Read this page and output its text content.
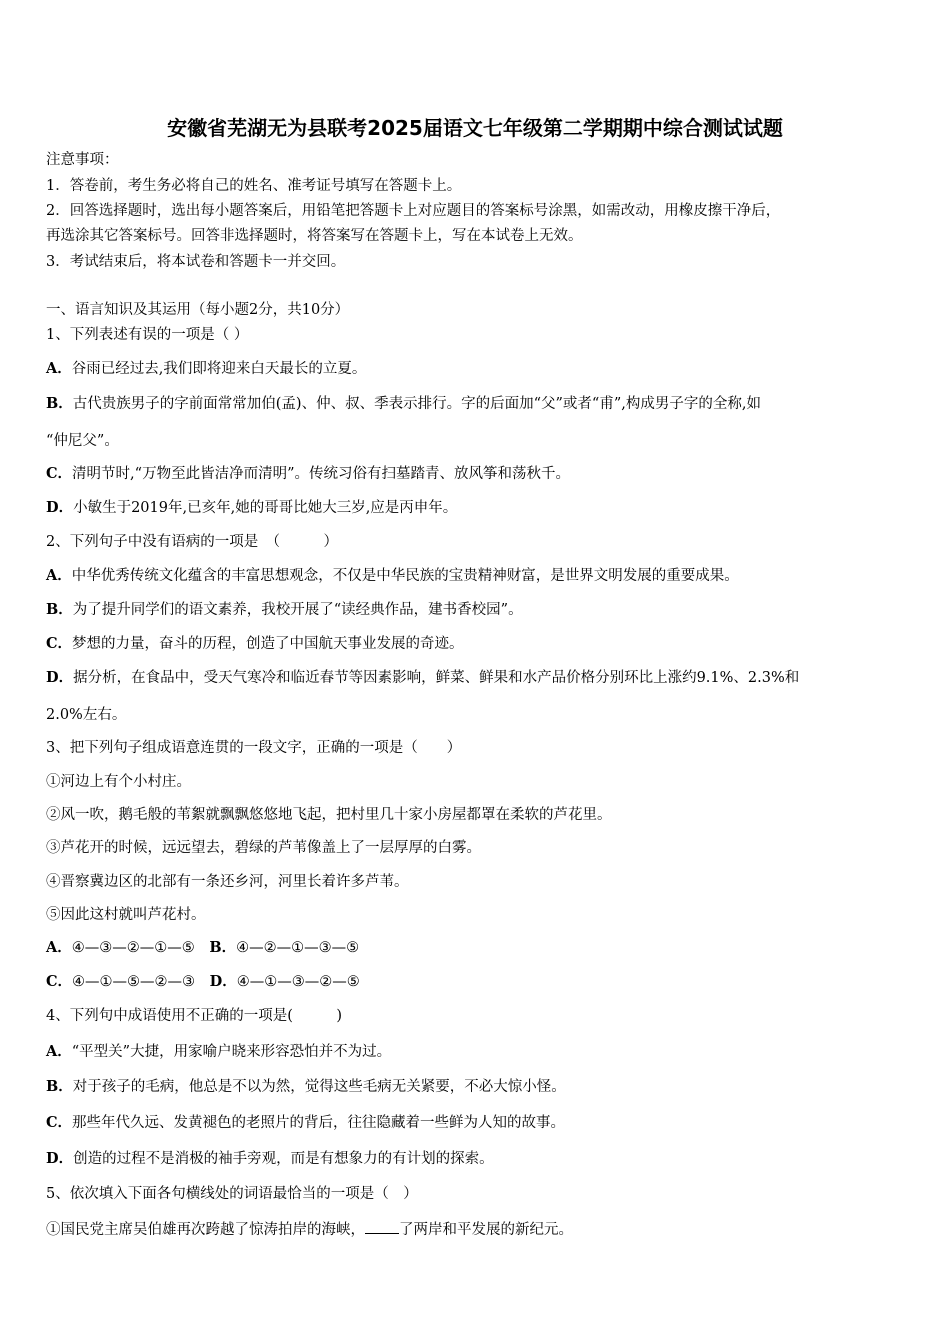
安徽省芜湖无为县联考2025届语文七年级第二学期期中综合测试试题
注意事项：
1．答卷前，考生务必将自己的姓名、准考证号填写在答题卡上。
2．回答选择题时，选出每小题答案后，用铅笔把答题卡上对应题目的答案标号涂黑，如需改动，用橡皮擦干净后，
再选涂其它答案标号。回答非选择题时，将答案写在答题卡上，写在本试卷上无效。
3．考试结束后，将本试卷和答题卡一并交回。
一、语言知识及其运用（每小题2分，共10分）
1、下列表述有误的一项是（ ）
A．谷雨已经过去,我们即将迎来白天最长的立夏。
B．古代贵族男子的字前面常常加伯(孟)、仲、叔、季表示排行。字的后面加“父”或者“甫”,构成男子字的全称,如
“仲尼父”。
C．清明节时,“万物至此皆洁净而清明”。传统习俗有扫墓踏青、放风筝和荡秋千。
D．小敏生于2019年,已亥年,她的哥哥比她大三岁,应是丙申年。
2、下列句子中没有语病的一项是　（　　　）
A．中华优秀传统文化蕴含的丰富思想观念，不仅是中华民族的宝贵精神财富，是世界文明发展的重要成果。
B．为了提升同学们的语文素养，我校开展了“读经典作品，建书香校园”。
C．梦想的力量，奋斗的历程，创造了中国航天事业发展的奇迹。
D．据分析，在食品中，受天气寒冷和临近春节等因素影响，鲜菜、鲜果和水产品价格分别环比上涨约9.1%、2.3%和
2.0%左右。
3、把下列句子组成语意连贯的一段文字，正确的一项是（　　）
①河边上有个小村庄。
②风一吹，鹅毛般的苇絮就飘飘悠悠地飞起，把村里几十家小房屋都罩在柔软的芦花里。
③芦花开的时候，远远望去，碧绿的芦苇像盖上了一层厚厚的白雾。
④晋察冀边区的北部有一条还乡河，河里长着许多芦苇。
⑤因此这村就叫芦花村。
A．④—③—②—①—⑤ B．④—②—①—③—⑤
C．④—①—⑤—②—③ D．④—①—③—②—⑤
4、下列句中成语使用不正确的一项是(　　　)
A．“平型关”大捷，用家喻户晓来形容恐怕并不为过。
B．对于孩子的毛病，他总是不以为然，觉得这些毛病无关紧要，不必大惊小怪。
C．那些年代久远、发黄褪色的老照片的背后，往往隐藏着一些鲜为人知的故事。
D．创造的过程不是消极的袖手旁观，而是有想象力的有计划的探索。
5、依次填入下面各句横线处的词语最恰当的一项是（　）
①国民党主席吴伯雄再次跨越了惊涛拍岸的海峡， 了两岸和平发展的新纪元。
